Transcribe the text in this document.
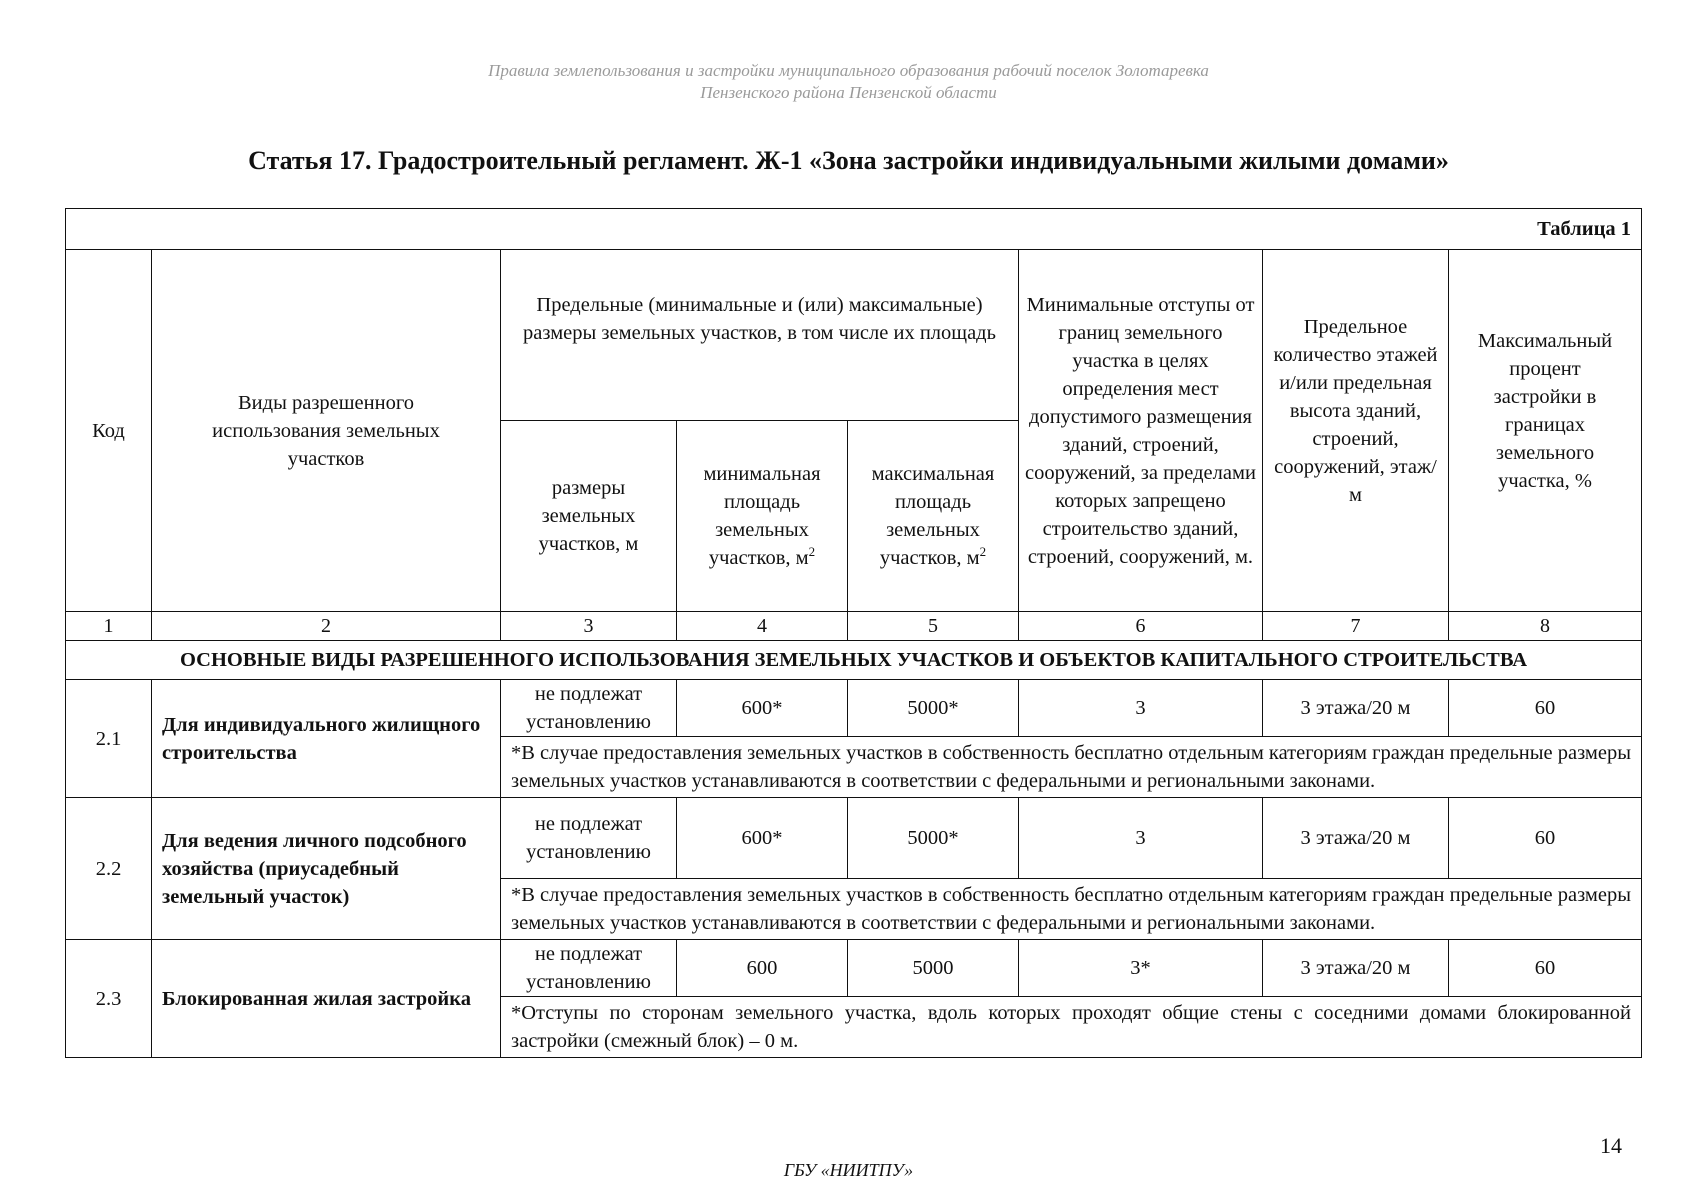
Правила землепользования и застройки муниципального образования рабочий поселок Золотаревка
Пензенского района Пензенской области
Статья 17. Градостроительный регламент. Ж-1 «Зона застройки индивидуальными жилыми домами»
Таблица 1							
Код	Виды разрешенного использования земельных участков	Предельные (минимальные и (или) максимальные) размеры земельных участков, в том числе их площадь			Минимальные отступы от границ земельного участка в целях определения мест допустимого размещения зданий, строений, сооружений, за пределами которых запрещено строительство зданий, строений, сооружений, м.	Предельное количество этажей и/или предельная высота зданий, строений, сооружений, этаж/м	Максимальный процент застройки в границах земельного участка, %

		размеры земельных участков, м	минимальная площадь земельных участков, $м^2$	максимальная площадь земельных участков, $м^2$
1	2	3	4	5	6	7	8
ОСНОВНЫЕ ВИДЫ РАЗРЕШЕННОГО ИСПОЛЬЗОВАНИЯ ЗЕМЕЛЬНЫХ УЧАСТКОВ И ОБЪЕКТОВ КАПИТАЛЬНОГО СТРОИТЕЛЬСТВА							
2.1	Для индивидуального жилищного строительства	не подлежат установлению	600*	5000*	3	3 этажа/20 м	60
		*В случае предоставления земельных участков в собственность бесплатно отдельным категориям граждан предельные размеры земельных участков устанавливаются в соответствии с федеральными и региональными законами.					
2.2	Для ведения личного подсобного хозяйства (приусадебный земельный участок)	не подлежат установлению	600*	5000*	3	3 этажа/20 м	60
		*В случае предоставления земельных участков в собственность бесплатно отдельным категориям граждан предельные размеры земельных участков устанавливаются в соответствии с федеральными и региональными законами.					
2.3	Блокированная жилая застройка	не подлежат установлению	600	5000	3*	3 этажа/20 м	60
		*Отступы по сторонам земельного участка, вдоль которых проходят общие стены с соседними домами блокированной застройки (смежный блок) – 0 м.					
14
ГБУ «НИИТПУ»
